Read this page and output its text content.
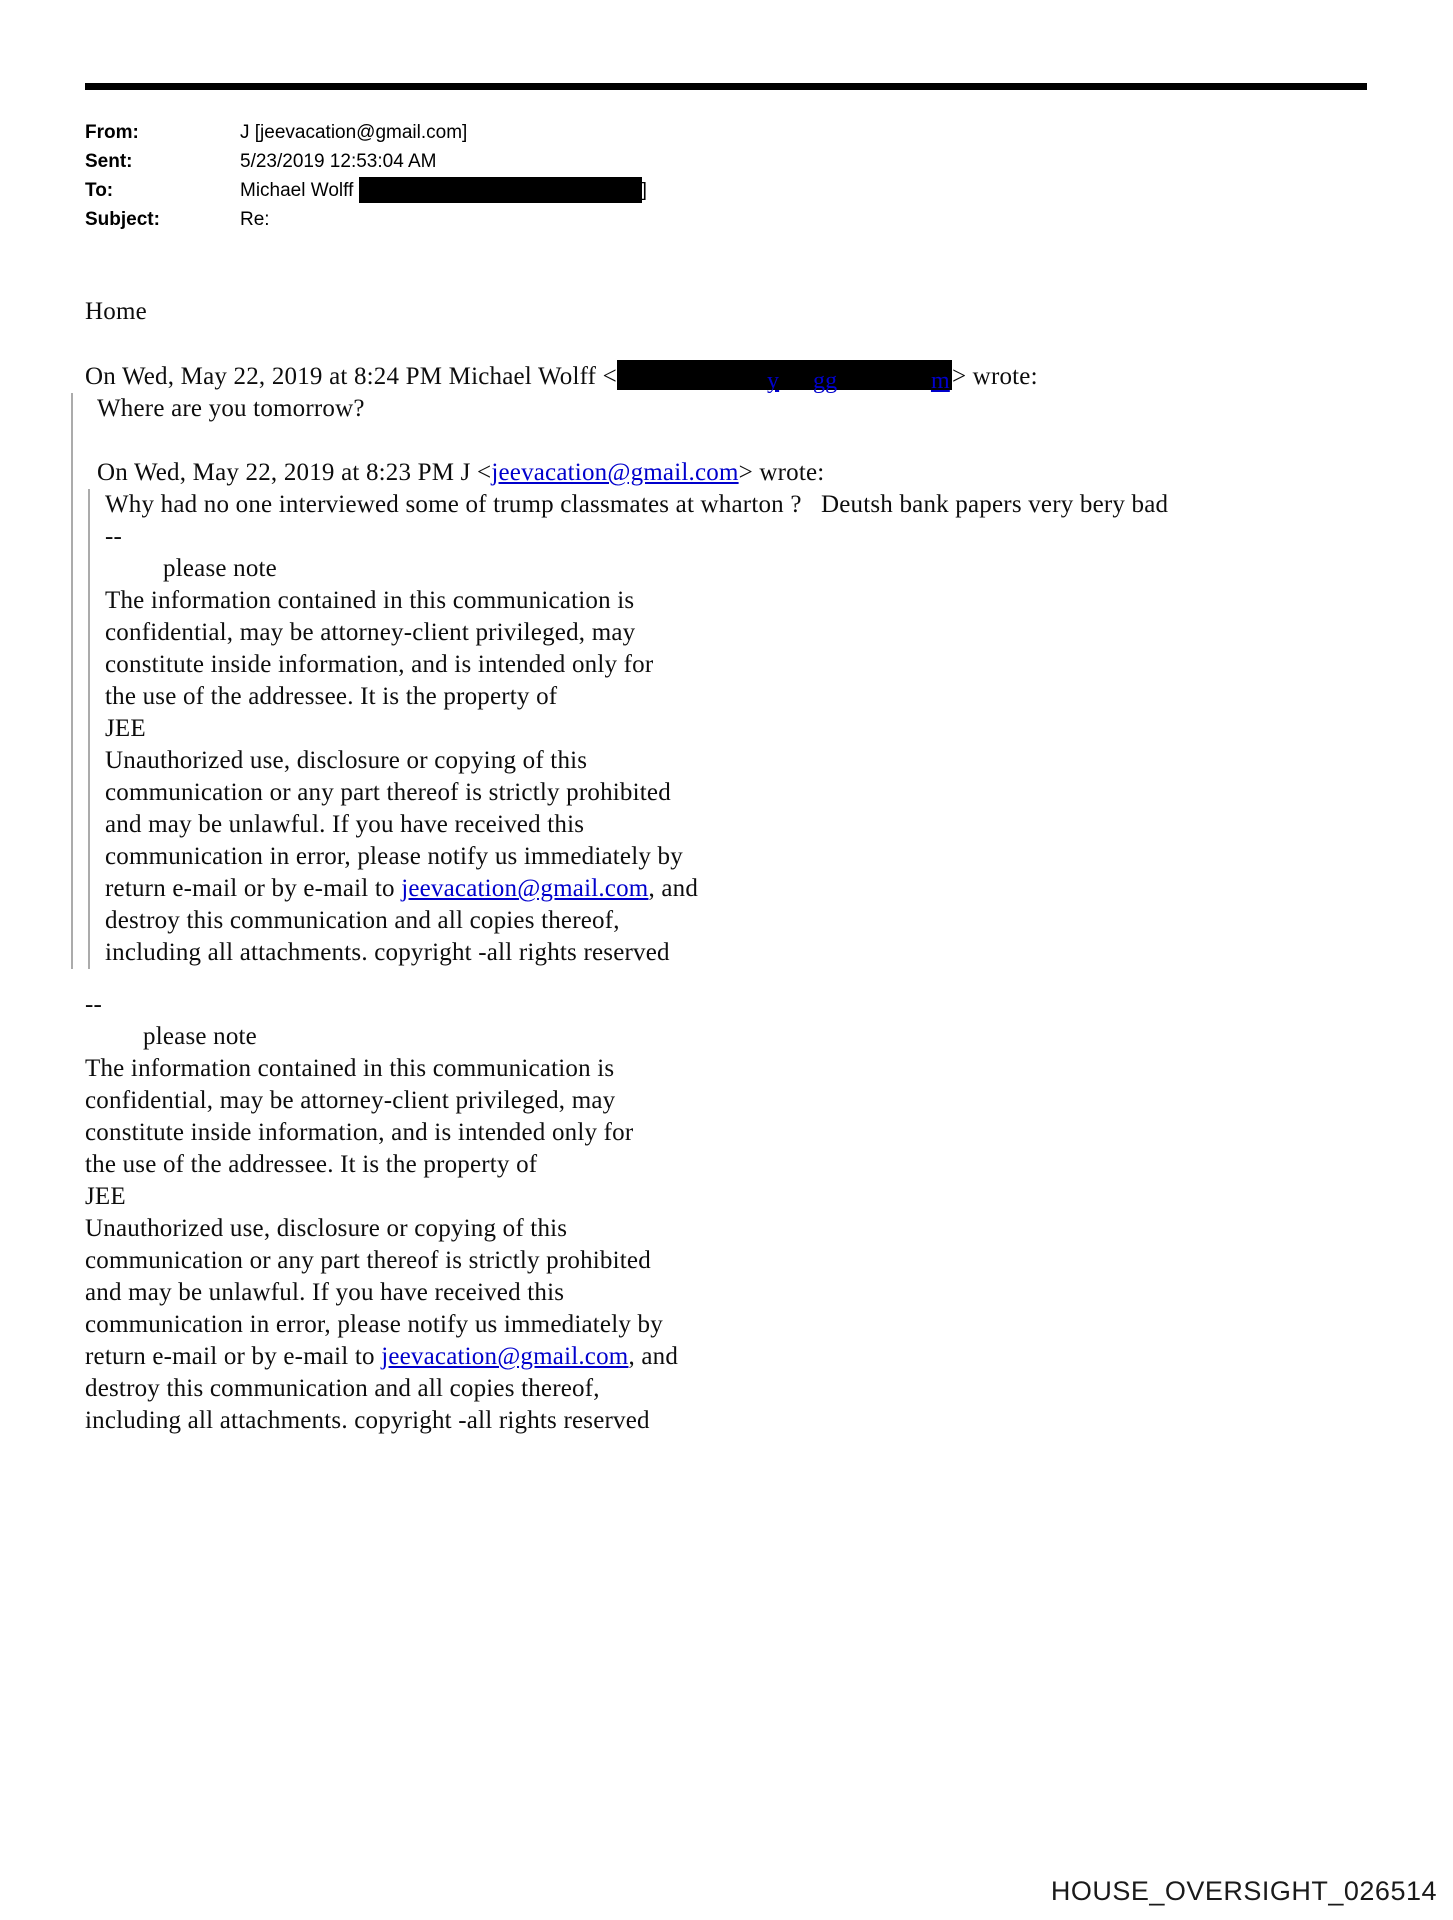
From:	J [jeevacation@gmail.com]
Sent:	5/23/2019 12:53:04 AM
To:	Michael Wolff	]
Subject:	Re:
Home
On Wed, May 22, 2019 at 8:24 PM Michael Wolff <	y gg	m > wrote:
Where are you tomorrow?
On Wed, May 22, 2019 at 8:23 PM J <jeevacation@gmail.com> wrote:
Why had no one interviewed some of trump classmates at wharton ?   Deutsh bank papers very bery bad
--
please note
The information contained in this communication is
confidential, may be attorney-client privileged, may
constitute inside information, and is intended only for
the use of the addressee. It is the property of
JEE
Unauthorized use, disclosure or copying of this
communication or any part thereof is strictly prohibited
and may be unlawful. If you have received this
communication in error, please notify us immediately by
return e-mail or by e-mail to jeevacation@gmail.com, and
destroy this communication and all copies thereof,
including all attachments. copyright -all rights reserved
--
please note
The information contained in this communication is
confidential, may be attorney-client privileged, may
constitute inside information, and is intended only for
the use of the addressee. It is the property of
JEE
Unauthorized use, disclosure or copying of this
communication or any part thereof is strictly prohibited
and may be unlawful. If you have received this
communication in error, please notify us immediately by
return e-mail or by e-mail to jeevacation@gmail.com, and
destroy this communication and all copies thereof,
including all attachments. copyright -all rights reserved
HOUSE_OVERSIGHT_026514
